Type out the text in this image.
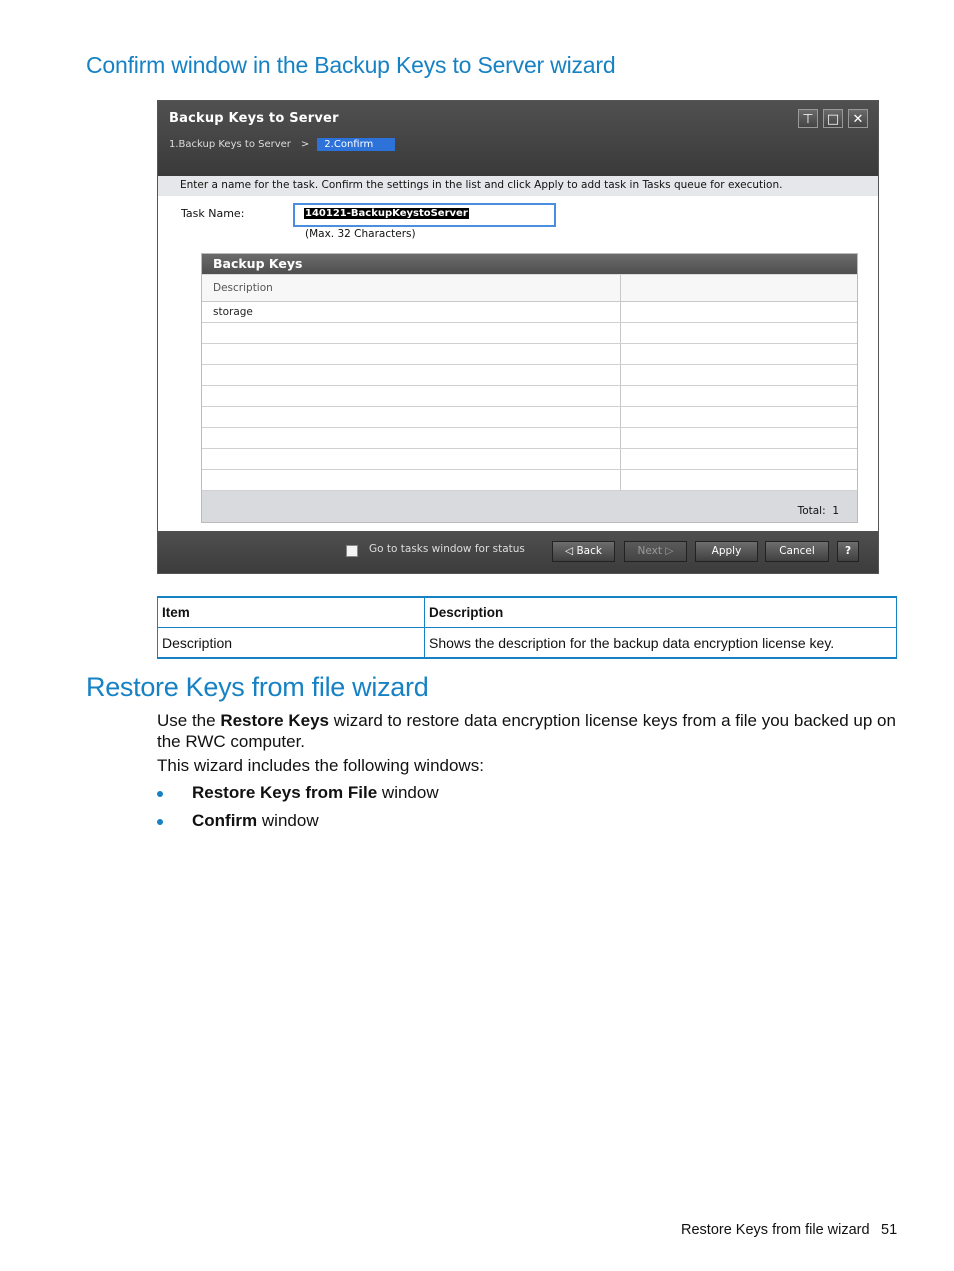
Confirm window in the Backup Keys to Server wizard
Backup Keys to Server	⊤	□	✕
1.Backup Keys to Server > 2.Confirm
Enter a name for the task. Confirm the settings in the list and click Apply to add task in Tasks queue for execution.
Task Name:	140121-BackupKeystoServer
(Max. 32 Characters)
Backup Keys
Description
storage
Total: 1
Go to tasks window for status	◁ Back	Next ▷	Apply	Cancel	?
Item	Description
Description	Shows the description for the backup data encryption license key.
Restore Keys from file wizard
Use the Restore Keys wizard to restore data encryption license keys from a file you backed up on the RWC computer.
This wizard includes the following windows:
Restore Keys from File window
Confirm window
Restore Keys from file wizard 51
